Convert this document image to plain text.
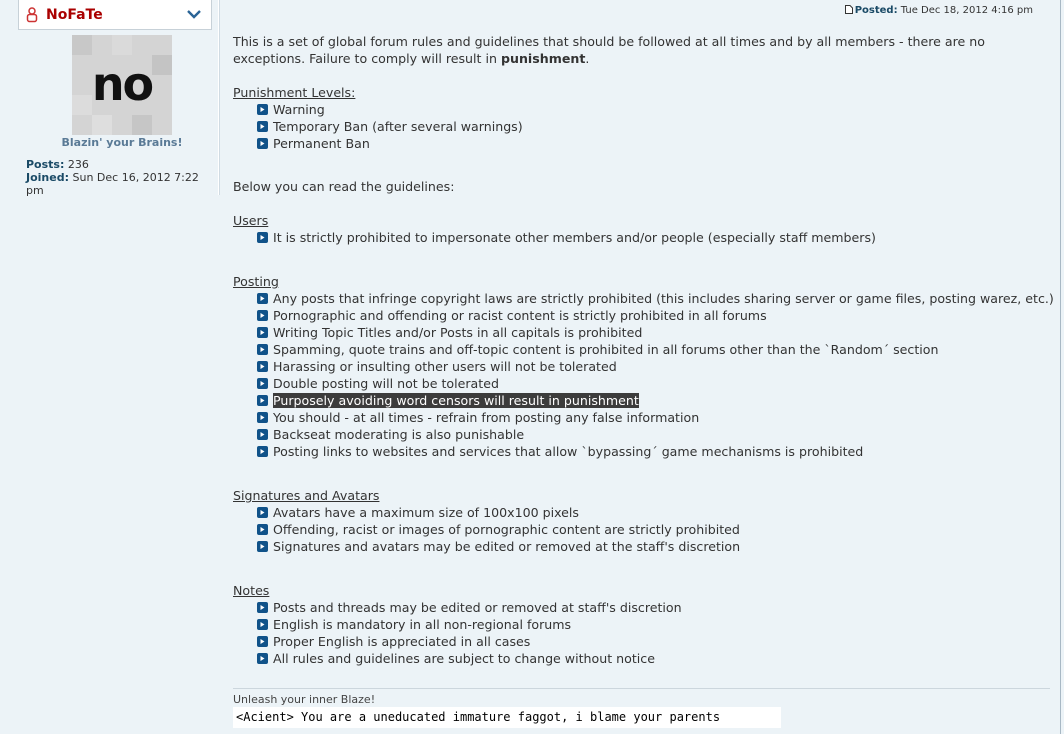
NoFaTe
no
Blazin' your Brains!
Posts: 236
Joined: Sun Dec 16, 2012 7:22 pm
Posted: Tue Dec 18, 2012 4:16 pm

This is a set of global forum rules and guidelines that should be followed at all times and by all members - there are no exceptions. Failure to comply will result in punishment.

Punishment Levels:

Warning
Temporary Ban (after several warnings)
Permanent Ban

Below you can read the guidelines:

Users

It is strictly prohibited to impersonate other members and/or people (especially staff members)

Posting

Any posts that infringe copyright laws are strictly prohibited (this includes sharing server or game files, posting warez, etc.)
Pornographic and offending or racist content is strictly prohibited in all forums
Writing Topic Titles and/or Posts in all capitals is prohibited
Spamming, quote trains and off-topic content is prohibited in all forums other than the `Random´ section
Harassing or insulting other users will not be tolerated
Double posting will not be tolerated
Purposely avoiding word censors will result in punishment
You should - at all times - refrain from posting any false information
Backseat moderating is also punishable
Posting links to websites and services that allow `bypassing´ game mechanisms is prohibited

Signatures and Avatars

Avatars have a maximum size of 100x100 pixels
Offending, racist or images of pornographic content are strictly prohibited
Signatures and avatars may be edited or removed at the staff's discretion

Notes

Posts and threads may be edited or removed at staff's discretion
English is mandatory in all non-regional forums
Proper English is appreciated in all cases
All rules and guidelines are subject to change without notice
Unleash your inner Blaze!
<Acient> You are a uneducated immature faggot, i blame your parents
